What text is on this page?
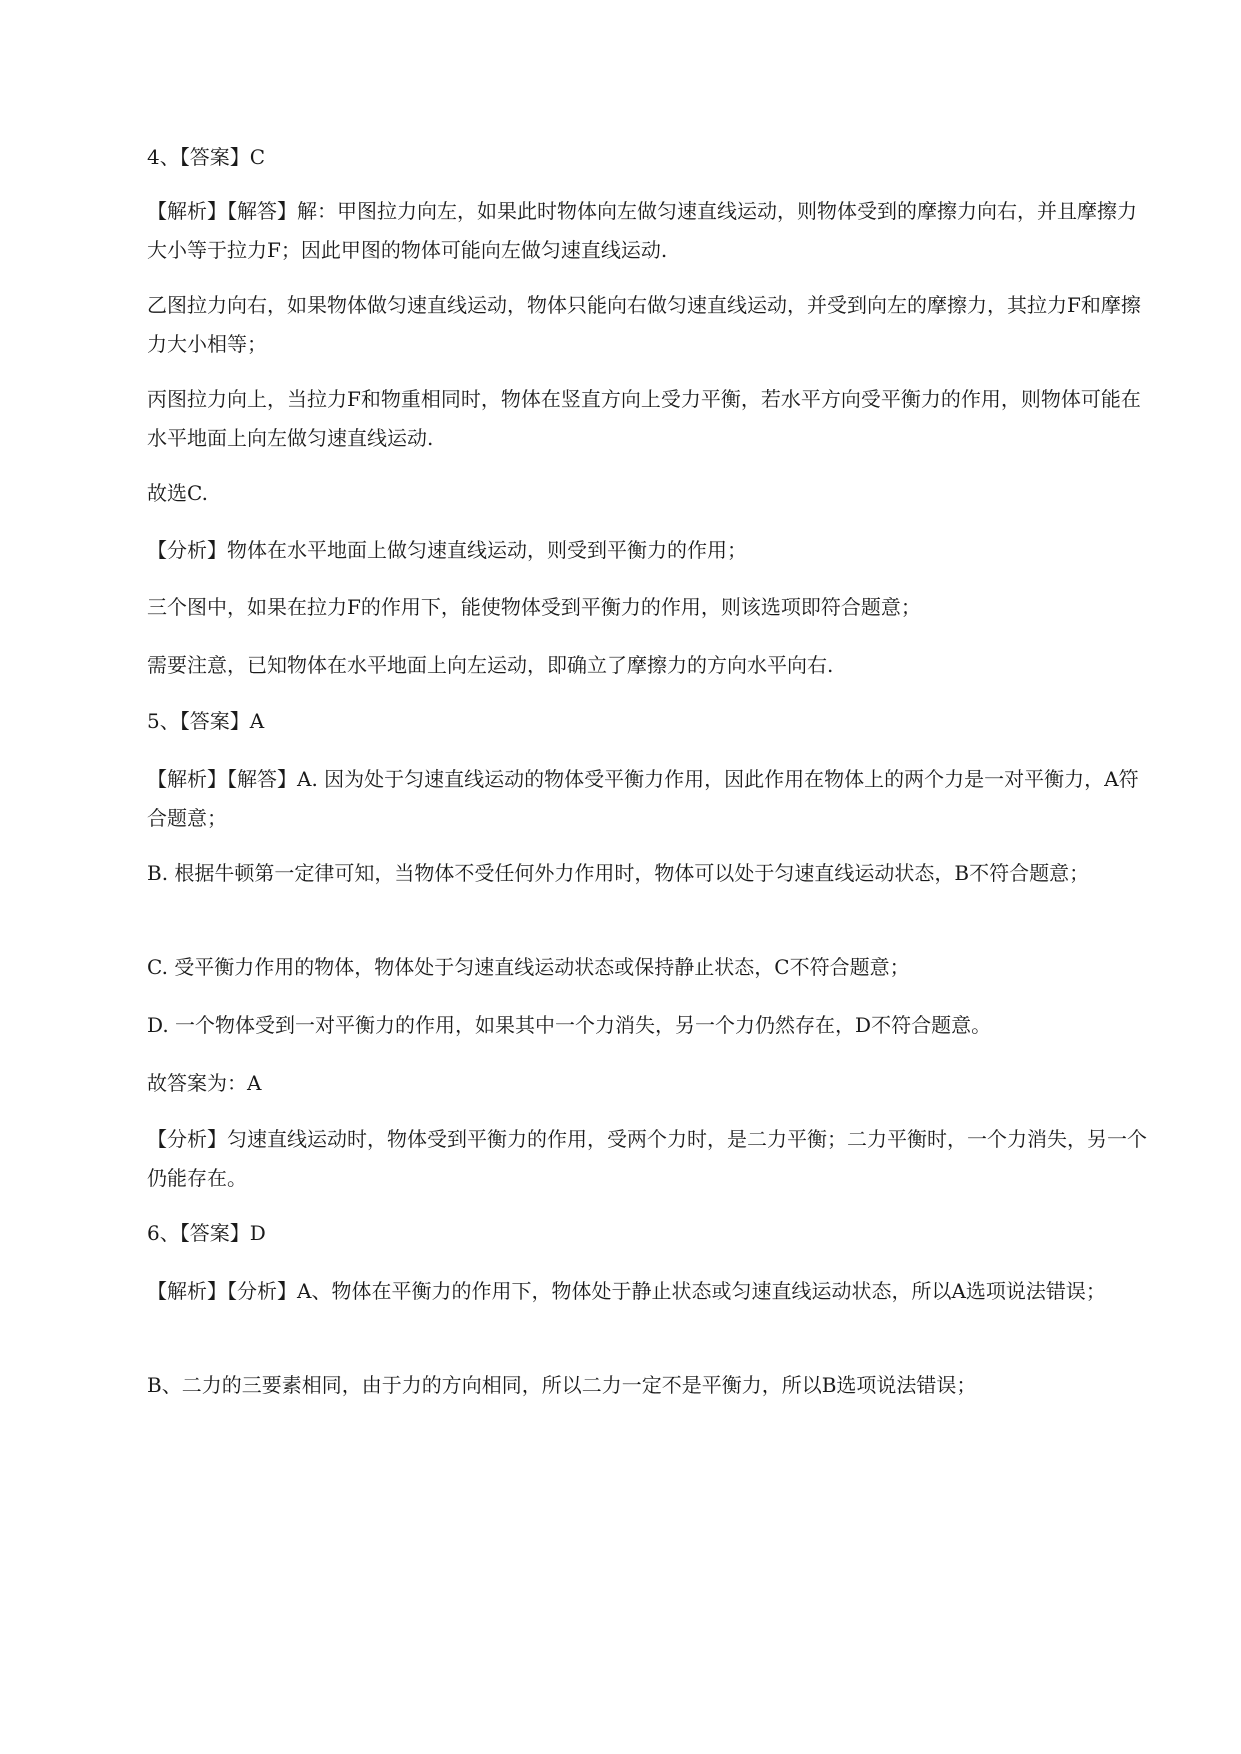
4、【答案】C

【解析】【解答】解：甲图拉力向左，如果此时物体向左做匀速直线运动，则物体受到的摩擦力向右，并且摩擦力大小等于拉力F；因此甲图的物体可能向左做匀速直线运动.

乙图拉力向右，如果物体做匀速直线运动，物体只能向右做匀速直线运动，并受到向左的摩擦力，其拉力F和摩擦力大小相等；

丙图拉力向上，当拉力F和物重相同时，物体在竖直方向上受力平衡，若水平方向受平衡力的作用，则物体可能在水平地面上向左做匀速直线运动.

故选C.

【分析】物体在水平地面上做匀速直线运动，则受到平衡力的作用；

三个图中，如果在拉力F的作用下，能使物体受到平衡力的作用，则该选项即符合题意；

需要注意，已知物体在水平地面上向左运动，即确立了摩擦力的方向水平向右.

5、【答案】A

【解析】【解答】A. 因为处于匀速直线运动的物体受平衡力作用，因此作用在物体上的两个力是一对平衡力，A符合题意；

B. 根据牛顿第一定律可知，当物体不受任何外力作用时，物体可以处于匀速直线运动状态，B不符合题意；

C. 受平衡力作用的物体，物体处于匀速直线运动状态或保持静止状态，C不符合题意；

D. 一个物体受到一对平衡力的作用，如果其中一个力消失，另一个力仍然存在，D不符合题意。

故答案为：A

【分析】匀速直线运动时，物体受到平衡力的作用，受两个力时，是二力平衡；二力平衡时，一个力消失，另一个仍能存在。

6、【答案】D

【解析】【分析】A、物体在平衡力的作用下，物体处于静止状态或匀速直线运动状态，所以A选项说法错误；

B、二力的三要素相同，由于力的方向相同，所以二力一定不是平衡力，所以B选项说法错误；
